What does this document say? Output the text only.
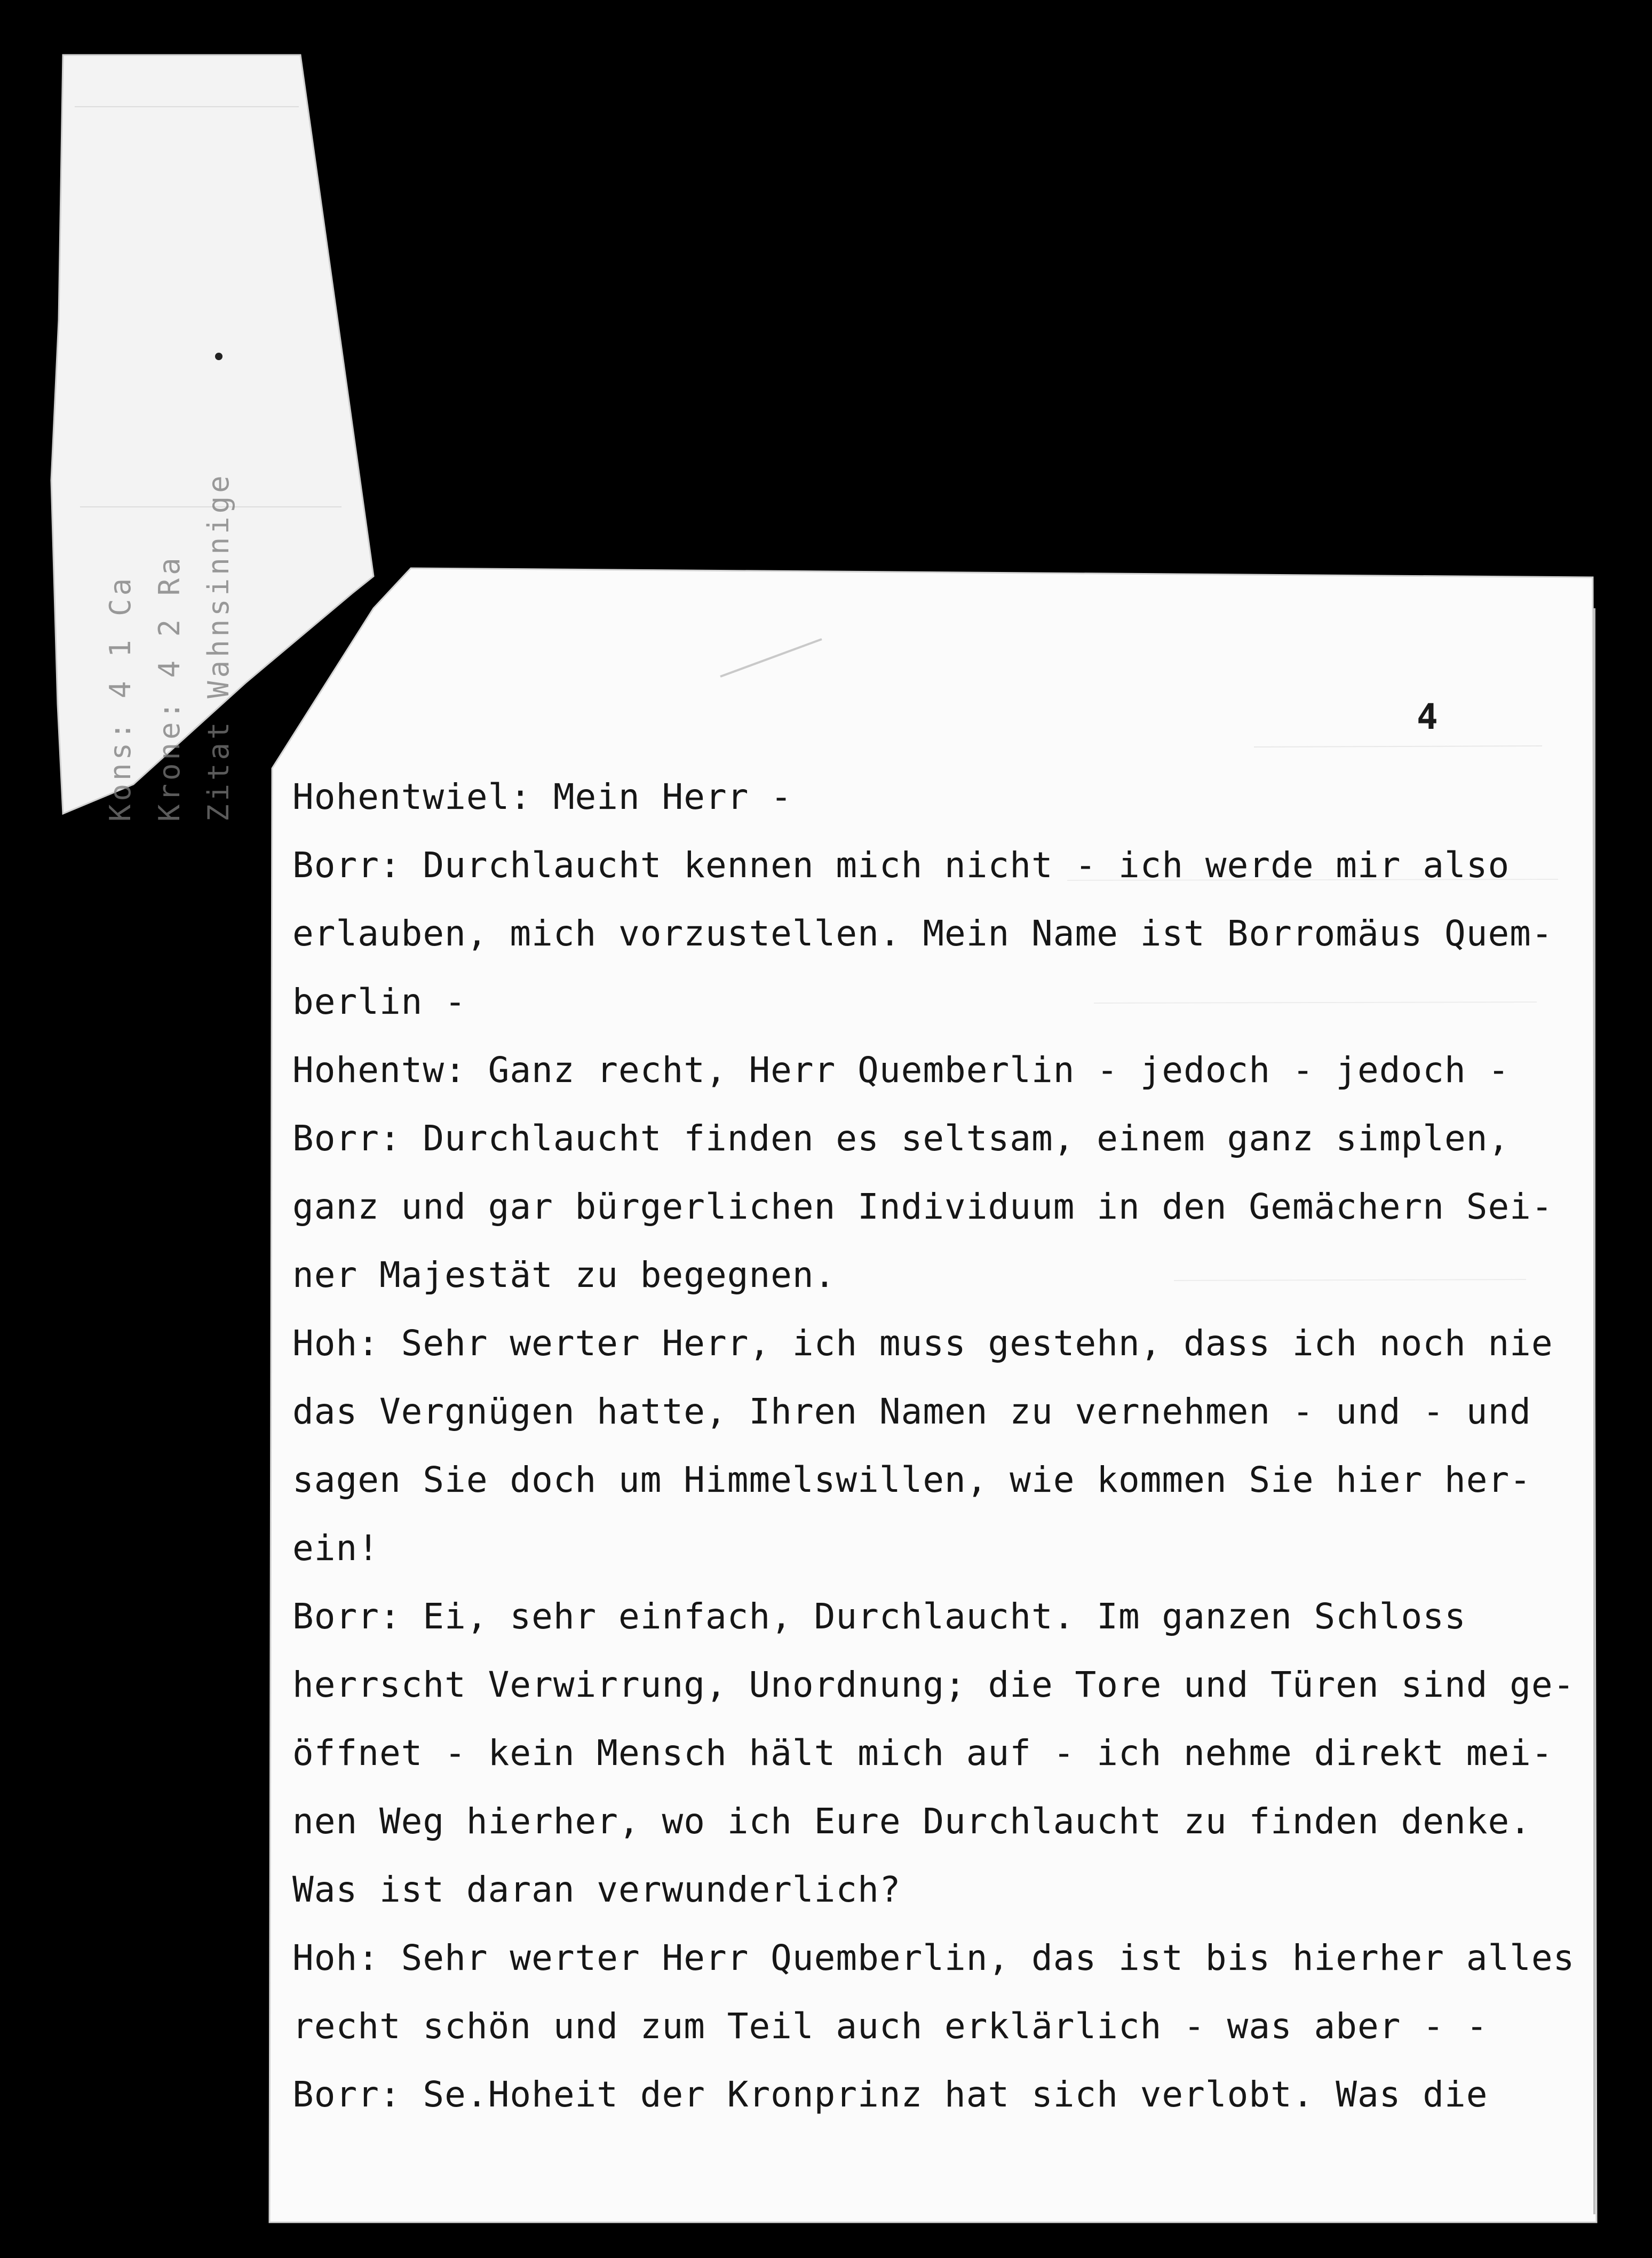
Kons: 4 1 Ca Krone: 4 2 Ra Zitat Wahnsinnige	4
Hohentwiel: Mein Herr -
Borr: Durchlaucht kennen mich nicht - ich werde mir also
erlauben, mich vorzustellen. Mein Name ist Borromäus Quem-
berlin -
Hohentw: Ganz recht, Herr Quemberlin - jedoch - jedoch -
Borr: Durchlaucht finden es seltsam, einem ganz simplen,
ganz und gar bürgerlichen Individuum in den Gemächern Sei-
ner Majestät zu begegnen.
Hoh: Sehr werter Herr, ich muss gestehn, dass ich noch nie
das Vergnügen hatte, Ihren Namen zu vernehmen - und - und
sagen Sie doch um Himmelswillen, wie kommen Sie hier her-
ein!
Borr: Ei, sehr einfach, Durchlaucht. Im ganzen Schloss
herrscht Verwirrung, Unordnung; die Tore und Türen sind ge-
öffnet - kein Mensch hält mich auf - ich nehme direkt mei-
nen Weg hierher, wo ich Eure Durchlaucht zu finden denke.
Was ist daran verwunderlich?
Hoh: Sehr werter Herr Quemberlin, das ist bis hierher alles
recht schön und zum Teil auch erklärlich - was aber - -
Borr: Se.Hoheit der Kronprinz hat sich verlobt. Was die
